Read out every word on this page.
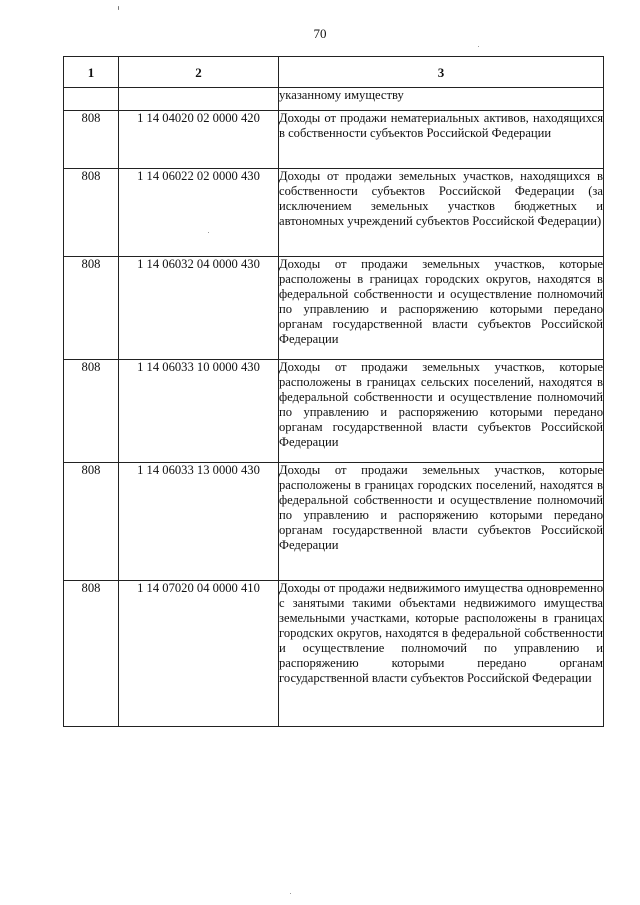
70
1	2	3
		указанному имуществу
808	1 14 04020 02 0000 420	Доходы от продажи нематериальных активов, находящихся в собственности субъектов Российской Федерации
808	1 14 06022 02 0000 430	Доходы от продажи земельных участков, находящихся в собственности субъектов Российской Федерации (за исключением земельных участков бюджетных и автономных учреждений субъектов Российской Федерации)
808	1 14 06032 04 0000 430	Доходы от продажи земельных участков, которые расположены в границах городских округов, находятся в федеральной собственности и осуществление полномочий по управлению и распоряжению которыми передано органам государственной власти субъектов Российской Федерации
808	1 14 06033 10 0000 430	Доходы от продажи земельных участков, которые расположены в границах сельских поселений, находятся в федеральной собственности и осуществление полномочий по управлению и распоряжению которыми передано органам государственной власти субъектов Российской Федерации
808	1 14 06033 13 0000 430	Доходы от продажи земельных участков, которые расположены в границах городских поселений, находятся в федеральной собственности и осуществление полномочий по управлению и распоряжению которыми передано органам государственной власти субъектов Российской Федерации
808	1 14 07020 04 0000 410	Доходы от продажи недвижимого имущества одновременно с занятыми такими объектами недвижимого имущества земельными участками, которые расположены в границах городских округов, находятся в федеральной собственности и осуществление полномочий по управлению и распоряжению которыми передано органам государственной власти субъектов Российской Федерации
